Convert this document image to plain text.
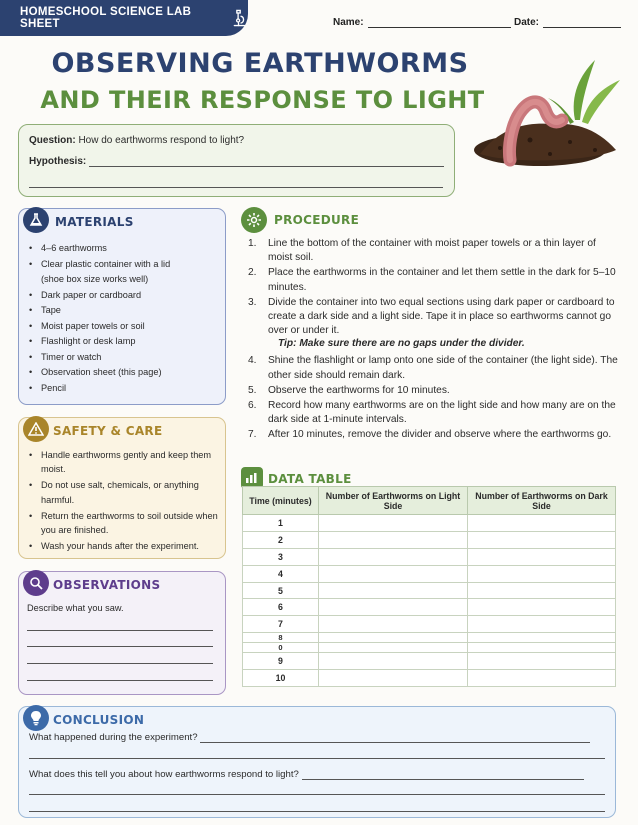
HOMESCHOOL SCIENCE LAB SHEET	Name:	Date:
OBSERVING EARTHWORMS
AND THEIR RESPONSE TO LIGHT
Question: How do earthworms respond to light?
Hypothesis:
MATERIALS
• 4–6 earthworms
• Clear plastic container with a lid
(shoe box size works well)
• Dark paper or cardboard
• Tape
• Moist paper towels or soil
• Flashlight or desk lamp
• Timer or watch
• Observation sheet (this page)
• Pencil
SAFETY & CARE
• Handle earthworms gently and keep them moist.
• Do not use salt, chemicals, or anything harmful.
• Return the earthworms to soil outside when you are finished.
• Wash your hands after the experiment.
OBSERVATIONS
Describe what you saw.
PROCEDURE
1. Line the bottom of the container with moist paper towels or a thin layer of moist soil.
2. Place the earthworms in the container and let them settle in the dark for 5–10 minutes.
3. Divide the container into two equal sections using dark paper or cardboard to create a dark side and a light side. Tape it in place so earthworms cannot go over or under it.
4. Shine the flashlight or lamp onto one side of the container (the light side). The other side should remain dark.
5. Observe the earthworms for 10 minutes.
6. Record how many earthworms are on the light side and how many are on the dark side at 1-minute intervals.
7. After 10 minutes, remove the divider and observe where the earthworms go.
Tip: Make sure there are no gaps under the divider.
DATA TABLE
Time (minutes)	Number of Earthworms on Light Side	Number of Earthworms on Dark Side
1		
2		
3		
4		
5		
6		
7		
8		
0		
9		
10		
CONCLUSION
What happened during the experiment?
What does this tell you about how earthworms respond to light?
